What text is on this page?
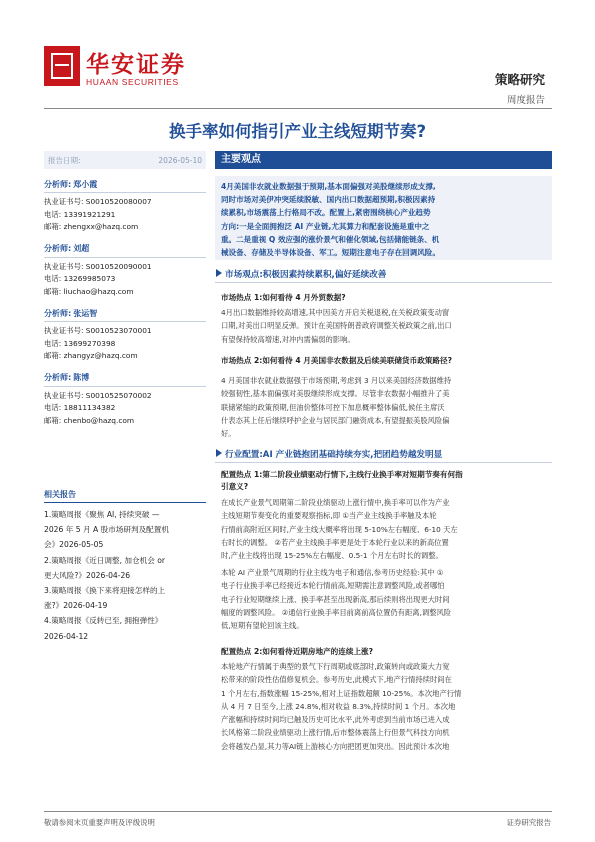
华安证券
HUAAN SECURITIES	策略研究
周度报告
换手率如何指引产业主线短期节奏?
报告日期:	2026-05-10
分析师: 郑小霞
执业证书号: S0010520080007
电话: 13391921291
邮箱: zhengxx@hazq.com
分析师: 刘超
执业证书号: S0010520090001
电话: 13269985073
邮箱: liuchao@hazq.com
分析师: 张运智
执业证书号: S0010523070001
电话: 13699270398
邮箱: zhangyz@hazq.com
分析师: 陈博
执业证书号: S0010525070002
电话: 18811134382
邮箱: chenbo@hazq.com
相关报告
1.策略周报《聚焦 AI, 持续突破 —
2026 年 5 月 A 股市场研判及配置机
会》2026-05-05
2.策略周报《近日调整, 加仓机会 or
更大风险?》2026-04-26
3.策略周报《换下来将迎接怎样的上
涨?》2026-04-19
4.策略周报《反转已至, 拥抱弹性》
2026-04-12
主要观点

4月美国非农就业数据强于预期,基本面偏强对美股继续形成支撑,
同时市场对美伊冲突延续脱敏、国内出口数据超预期,积极因素持
续累积,市场震荡上行格局不改。配置上,紧密围绕核心产业趋势
方向:一是全面拥抱泛 AI 产业链,尤其算力和配套设施是重中之
重。二是重视 Q 效应强的涨价景气和催化领域,包括储能链条、机
械设备、存储及半导体设备、军工。短期注意电子存在回调风险。

市场观点:积极因素持续累积,偏好延续改善
市场热点 1:如何看待 4 月外贸数据?
4月出口数据维持较高增速,其中因美方开启关税退税,在关税政策变动窗
口期,对美出口明显反弹。预计在美国特朗普政府调整关税政策之前,出口
有望保持较高增速,对冲内需偏弱的影响。
市场热点 2:如何看待 4 月美国非农数据及后续美联储货币政策路径?
4 月美国非农就业数据强于市场预期,考虑到 3 月以来美国经济数据维持
较强韧性,基本面偏强对美股继续形成支撑。尽管非农数据小幅推升了美
联储紧缩的政策预期,但油价整体可控下加息概率整体偏低,候任主席沃
什表态其上任后继续呼护企业与居民部门融资成本,有望提振美股风险偏
好。
行业配置:AI 产业链抱团基础持续夯实,把团趋势越发明显
配置热点 1:第二阶段业绩驱动行情下,主线行业换手率对短期节奏有何指
引意义?
在成长产业景气周期第二阶段业绩驱动上涨行情中,换手率可以作为产业
主线短期节奏变化的重要观察指标,即 ①当产业主线换手率触及本轮
行情前高附近区间时,产业主线大概率将出现 5-10%左右幅度、6-10 天左
右时长的调整。 ②若产业主线换手率更是处于本轮行业以来的新高位置
时,产业主线将出现 15-25%左右幅度、0.5-1 个月左右时长的调整。
本轮 AI 产业景气周期的行业主线为电子和通信,参考历史经验:其中 ①
电子行业换手率已经接近本轮行情前高,短期需注意调整风险,或者哪怕
电子行业短期继续上涨、换手率甚至出现新高,那后续则将出现更大时间
幅度的调整风险。 ②通信行业换手率目前离前高位置仍有距离,调整风险
低,短期有望轮回该主线。
配置热点 2:如何看待近期房地产的连续上涨?
本轮地产行情属于典型的景气下行周期或底部时,政策转向或政策大力宽
松带来的阶段性估值修复机会。参考历史,此模式下,地产行情持续时间在
1 个月左右,指数涨幅 15-25%,相对上证指数超额 10-25%。本次地产行情
从 4 月 7 日至今,上涨 24.8%,相对收益 8.3%,持续时间 1 个月。本次地
产涨幅和持续时间均已触及历史可比水平,此外考虑到当前市场已进入成
长风格第二阶段业绩驱动上涨行情,后市整体震荡上行但景气科技方向机
会将越发凸显,其力等AI链上游核心方向把团更加突出。因此预计本次地
敬请参阅末页重要声明及评级说明	证券研究报告
